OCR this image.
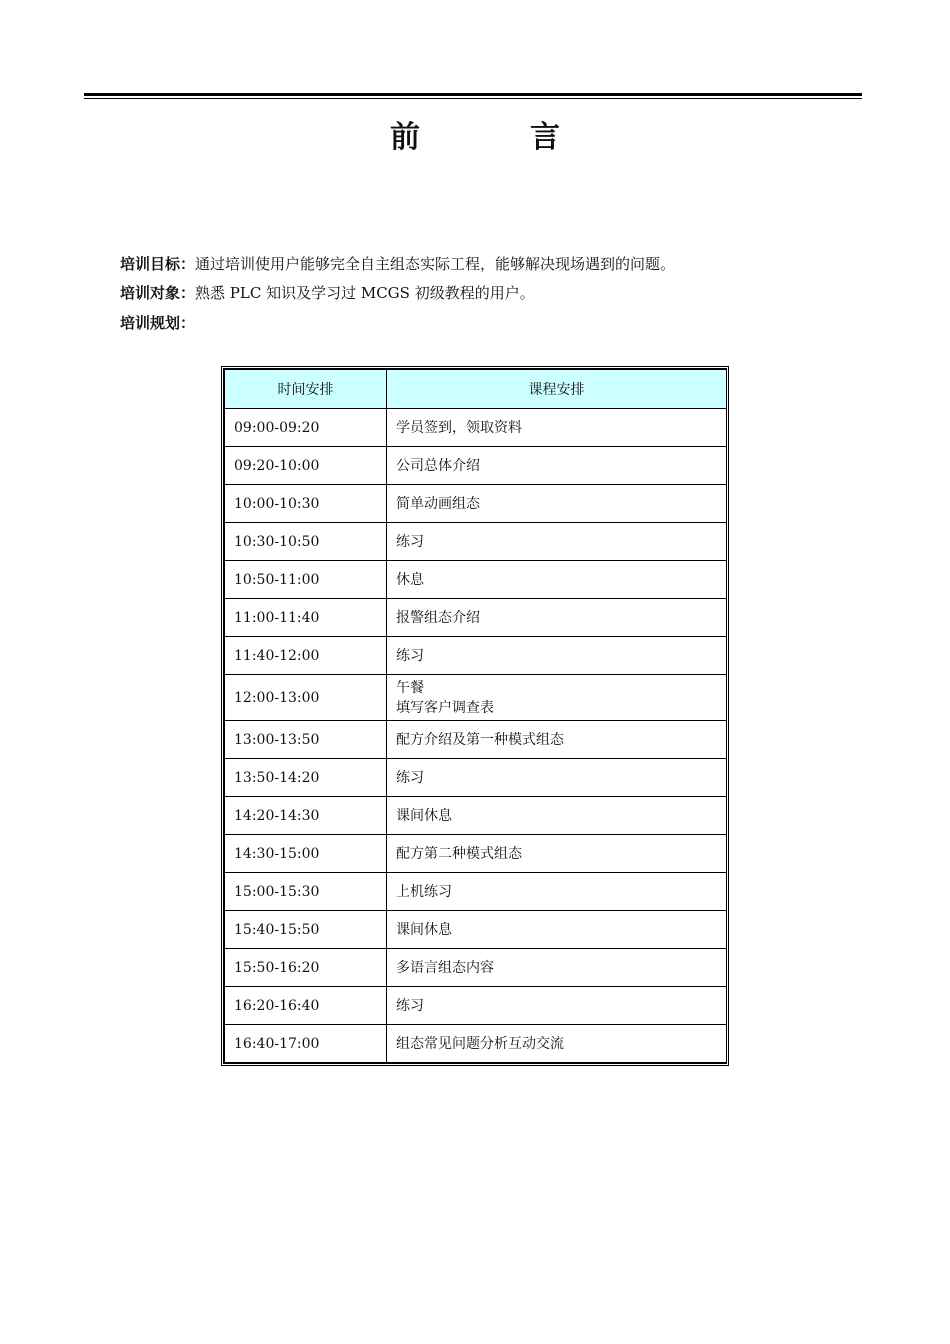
前　言
培训目标：通过培训使用户能够完全自主组态实际工程，能够解决现场遇到的问题。
培训对象：熟悉 PLC 知识及学习过 MCGS 初级教程的用户。
培训规划：
时间安排	课程安排
09:00-09:20	学员签到，领取资料
09:20-10:00	公司总体介绍
10:00-10:30	简单动画组态
10:30-10:50	练习
10:50-11:00	休息
11:00-11:40	报警组态介绍
11:40-12:00	练习
12:00-13:00	午餐
填写客户调查表

13:00-13:50	配方介绍及第一种模式组态
13:50-14:20	练习
14:20-14:30	课间休息
14:30-15:00	配方第二种模式组态
15:00-15:30	上机练习
15:40-15:50	课间休息
15:50-16:20	多语言组态内容
16:20-16:40	练习
16:40-17:00	组态常见问题分析互动交流
